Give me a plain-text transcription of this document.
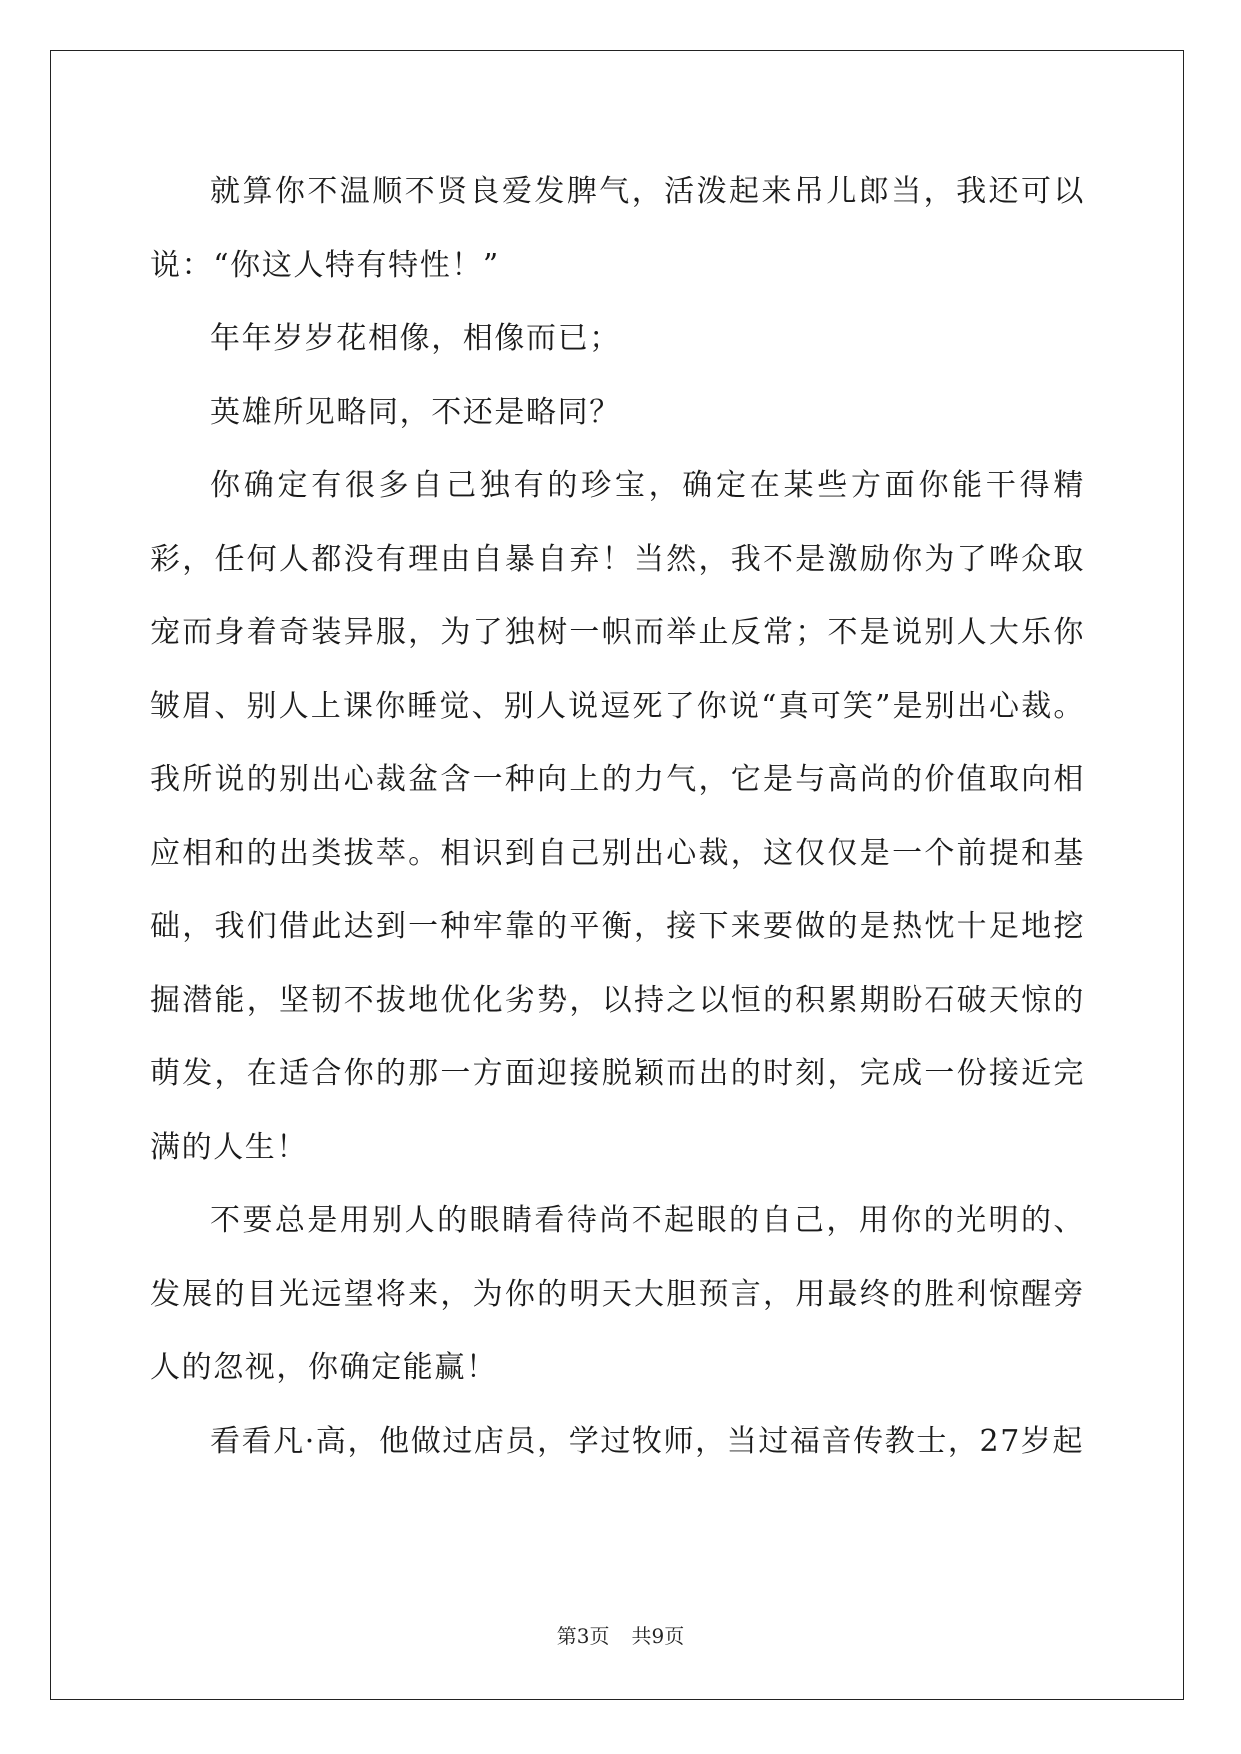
就算你不温顺不贤良爱发脾气，活泼起来吊儿郎当，我还可以说：“你这人特有特性！”

年年岁岁花相像，相像而已；

英雄所见略同，不还是略同？

你确定有很多自己独有的珍宝，确定在某些方面你能干得精彩，任何人都没有理由自暴自弃！当然，我不是激励你为了哗众取宠而身着奇装异服，为了独树一帜而举止反常；不是说别人大乐你皱眉、别人上课你睡觉、别人说逗死了你说“真可笑”是别出心裁。我所说的别出心裁盆含一种向上的力气，它是与高尚的价值取向相应相和的出类拔萃。相识到自己别出心裁，这仅仅是一个前提和基础，我们借此达到一种牢靠的平衡，接下来要做的是热忱十足地挖掘潜能，坚韧不拔地优化劣势，以持之以恒的积累期盼石破天惊的萌发，在适合你的那一方面迎接脱颖而出的时刻，完成一份接近完满的人生！

不要总是用别人的眼睛看待尚不起眼的自己，用你的光明的、发展的目光远望将来，为你的明天大胆预言，用最终的胜利惊醒旁人的忽视，你确定能赢！

看看凡·高，他做过店员，学过牧师，当过福音传教士，27岁起

第3页 共9页
